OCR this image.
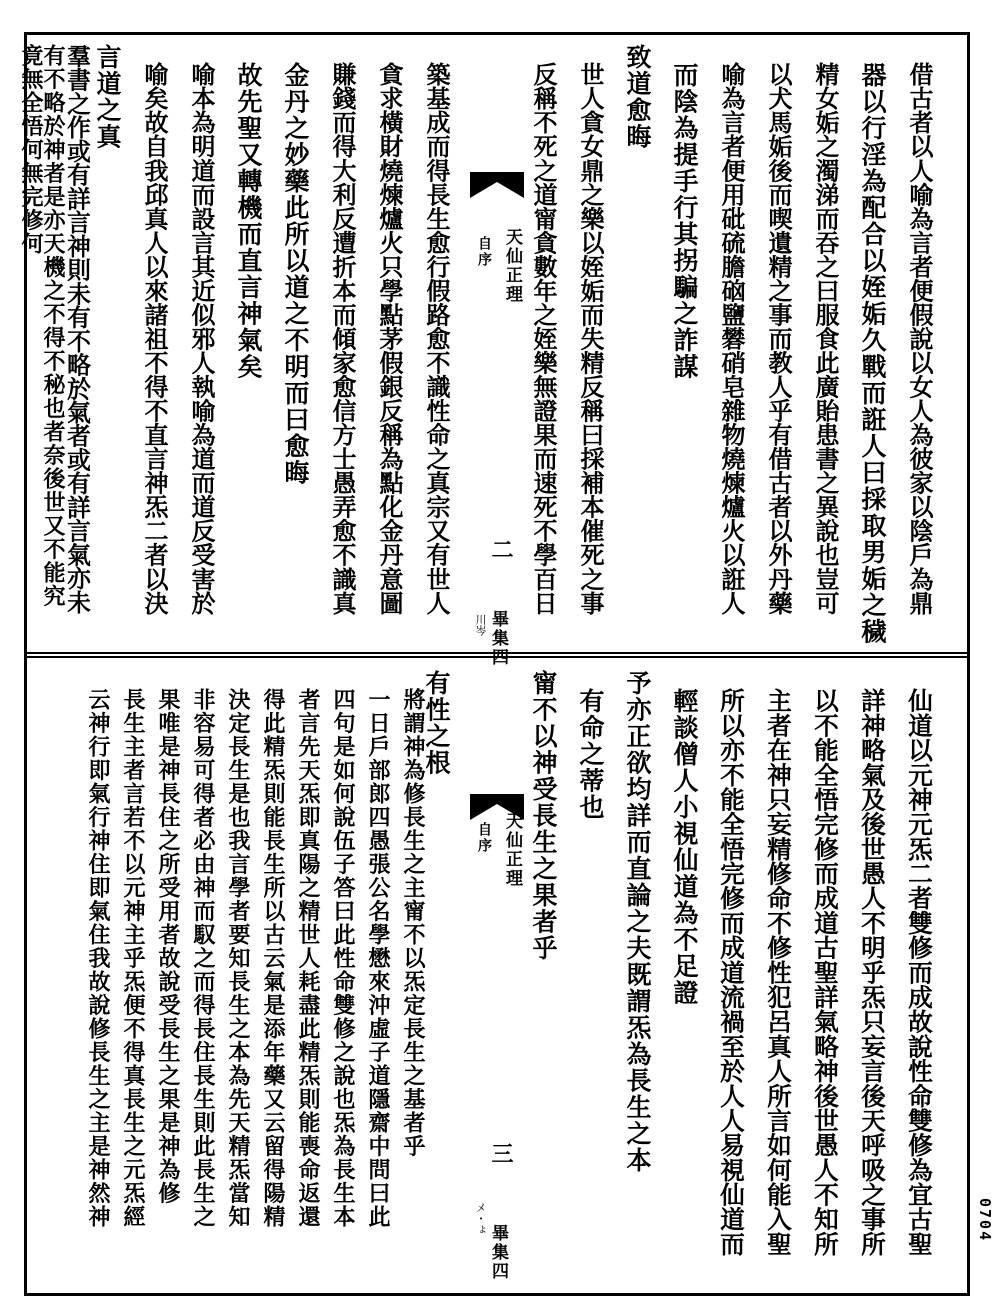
借古者以人喻為言者便假說以女人為彼家以陰戶為鼎
器以行淫為配合以姪姤久戰而誑人曰採取男姤之穢
精女姤之濁涕而吞之曰服食此廣貽患書之異說也豈可
以犬馬姤後而喫遺精之事而教人乎有借古者以外丹藥
喻為言者便用砒硫膽硇鹽礬硝皂雜物燒煉爐火以誑人
而陰為提手行其拐騙之詐謀
致道愈晦
世人貪女鼎之樂以姪姤而失精反稱曰採補本催死之事
反稱不死之道甯貪數年之姪樂無證果而速死不學百日
天仙正理
自序
二
畢集四
川岑
築基成而得長生愈行假路愈不識性命之真宗又有世人
貪求橫財燒煉爐火只學點茅假銀反稱為點化金丹意圖
賺錢而得大利反遭折本而傾家愈信方士愚弄愈不識真
金丹之妙藥此所以道之不明而曰愈晦
故先聖又轉機而直言神氣矣
喻本為明道而設言其近似邪人執喻為道而道反受害於
喻矣故自我邱真人以來諸祖不得不直言神炁二者以決
言道之真
羣書之作或有詳言神則未有不略於氣者或有詳言氣亦未
有不略於神者是亦天機之不得不秘也者奈後世又不能究
竟無全悟何無完修何
仙道以元神元炁二者雙修而成故說性命雙修為宜古聖
詳神略氣及後世愚人不明乎炁只妄言後天呼吸之事所
以不能全悟完修而成道古聖詳氣略神後世愚人不知所
主者在神只妄精修命不修性犯呂真人所言如何能入聖
所以亦不能全悟完修而成道流禍至於人人易視仙道而
輕談僧人小視仙道為不足證
予亦正欲均詳而直論之夫既謂炁為長生之本
有命之蒂也
甯不以神受長生之果者乎
天仙正理
自序
三
畢集四
メ・ょ
有性之根
將謂神為修長生之主甯不以炁定長生之基者乎
一日戶部郎四愚張公名學懋來沖虛子道隱齋中問曰此
四句是如何說伍子答曰此性命雙修之說也炁為長生本
者言先天炁即真陽之精世人耗盡此精炁則能喪命返還
得此精炁則能長生所以古云氣是添年藥又云留得陽精
決定長生是也我言學者要知長生之本為先天精炁當知
非容易可得者必由神而馭之而得長住長生則此長生之
果唯是神長住之所受用者故說受長生之果是神為修
長生主者言若不以元神主乎炁便不得真長生之元炁經
云神行即氣行神住即氣住我故說修長生之主是神然神	0704
